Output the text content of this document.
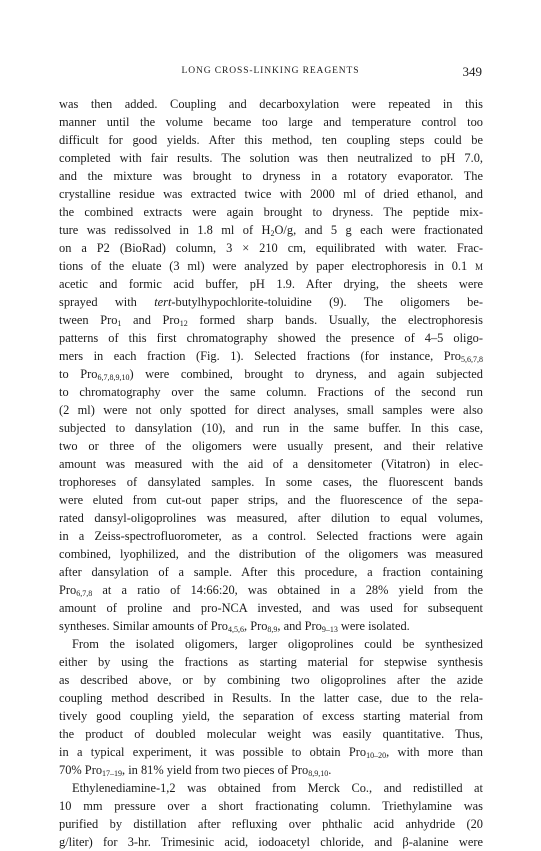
LONG CROSS-LINKING REAGENTS	349
was then added. Coupling and decarboxylation were repeated in this
manner until the volume became too large and temperature control too
difficult for good yields. After this method, ten coupling steps could be
completed with fair results. The solution was then neutralized to pH 7.0,
and the mixture was brought to dryness in a rotatory evaporator. The
crystalline residue was extracted twice with 2000 ml of dried ethanol, and
the combined extracts were again brought to dryness. The peptide mix-
ture was redissolved in 1.8 ml of $H_2O/g$, and 5 g each were fractionated
on a P2 (BioRad) column, 3 × 210 cm, equilibrated with water. Frac-
tions of the eluate (3 ml) were analyzed by paper electrophoresis in 0.1 m
acetic and formic acid buffer, pH 1.9. After drying, the sheets were
sprayed with tert-butylhypochlorite-toluidine (9). The oligomers be-
tween Pro$_1$ and Pro$_{12}$ formed sharp bands. Usually, the electrophoresis
patterns of this first chromatography showed the presence of 4–5 oligo-
mers in each fraction (Fig. 1). Selected fractions (for instance, Pro$_{5,6,7,8}$
to Pro$_{6,7,8,9,10}$) were combined, brought to dryness, and again subjected
to chromatography over the same column. Fractions of the second run
(2 ml) were not only spotted for direct analyses, small samples were also
subjected to dansylation (10), and run in the same buffer. In this case,
two or three of the oligomers were usually present, and their relative
amount was measured with the aid of a densitometer (Vitatron) in elec-
trophoreses of dansylated samples. In some cases, the fluorescent bands
were eluted from cut-out paper strips, and the fluorescence of the sepa-
rated dansyl-oligoprolines was measured, after dilution to equal volumes,
in a Zeiss-spectrofluorometer, as a control. Selected fractions were again
combined, lyophilized, and the distribution of the oligomers was measured
after dansylation of a sample. After this procedure, a fraction containing
Pro$_{6,7,8}$ at a ratio of 14:66:20, was obtained in a 28% yield from the
amount of proline and pro-NCA invested, and was used for subsequent
syntheses. Similar amounts of Pro$_{4,5,6}$, Pro$_{8,9}$, and Pro$_{9-13}$ were isolated.
From the isolated oligomers, larger oligoprolines could be synthesized
either by using the fractions as starting material for stepwise synthesis
as described above, or by combining two oligoprolines after the azide
coupling method described in Results. In the latter case, due to the rela-
tively good coupling yield, the separation of excess starting material from
the product of doubled molecular weight was easily quantitative. Thus,
in a typical experiment, it was possible to obtain Pro$_{10-20}$, with more than
70% Pro$_{17-19}$, in 81% yield from two pieces of Pro$_{8,9,10}$.
Ethylenediamine-1,2 was obtained from Merck Co., and redistilled at
10 mm pressure over a short fractionating column. Triethylamine was
purified by distillation after refluxing over phthalic acid anhydride (20
g/liter) for 3-hr. Trimesinic acid, iodoacetyl chloride, and β-alanine were
